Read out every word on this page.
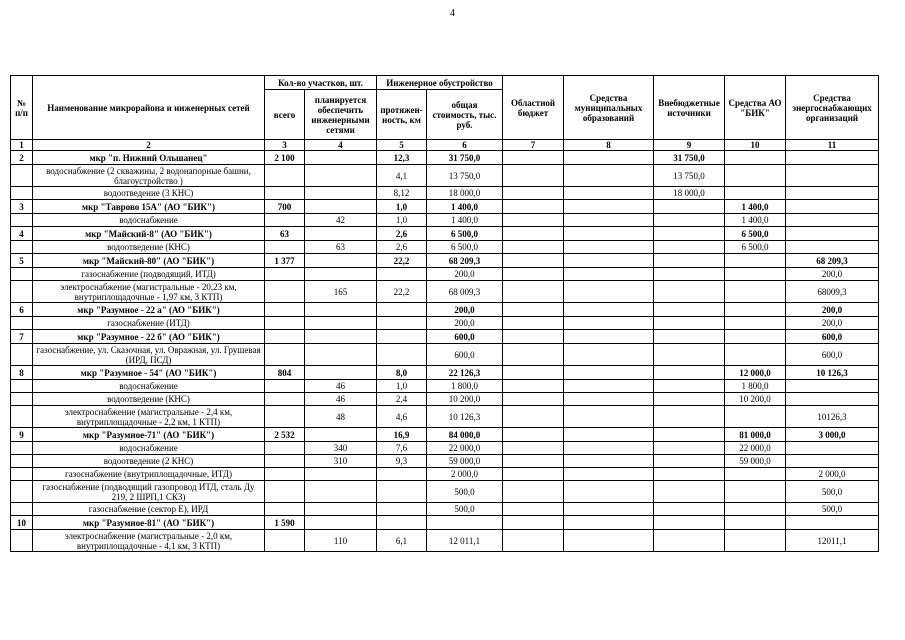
4
№ п/п	Наименование микрорайона и инженерных сетей	Кол-во участков, шт.		Инженерное обустройство		Областной бюджет	Средства муниципальных образований	Внебюджетные источники	Средства АО "БИК"	Средства энергоснабжающих организаций
		всего	планируется обеспечить инженерными сетями	протяжен-ность, км	общая стоимость, тыс. руб.					
1	2	3	4	5	6	7	8	9	10	11
2	мкр "п. Нижний Ольшанец"	2 100		12,3	31 750,0			31 750,0		
	водоснабжение (2 скважины, 2 водонапорные башни, благоустройство )			4,1	13 750,0			13 750,0		
	водоотведение (3 КНС)			8,12	18 000,0			18 000,0		
3	мкр "Таврово 15А" (АО "БИК")	700		1,0	1 400,0				1 400,0	
	водоснабжение		42	1,0	1 400,0				1 400,0	
4	мкр "Майский-8" (АО "БИК")	63		2,6	6 500,0				6 500,0	
	водоотведение (КНС)		63	2,6	6 500,0				6 500,0	
5	мкр "Майский-80" (АО "БИК")	1 377		22,2	68 209,3					68 209,3
	газоснабжение (подводящий, ИТД)				200,0					200,0
	электроснабжение (магистральные - 20,23 км, внутриплощадочные - 1,97 км, 3 КТП)		165	22,2	68 009,3					68009,3
6	мкр "Разумное - 22 а" (АО "БИК")				200,0					200,0
	газоснабжение (ИТД)				200,0					200,0
7	мкр "Разумное - 22 б" (АО "БИК")				600,0					600,0
	газоснабжение, ул. Сказочная, ул. Овражная, ул. Грушевая (ИРД, ПСД)				600,0					600,0
8	мкр "Разумное - 54" (АО "БИК")	804		8,0	22 126,3				12 000,0	10 126,3
	водоснабжение		46	1,0	1 800,0				1 800,0	
	водоотведение (КНС)		46	2,4	10 200,0				10 200,0	
	электроснабжение (магистральные - 2,4 км, внутриплощадочные - 2,2 км, 1 КТП)		48	4,6	10 126,3					10126,3
9	мкр "Разумное-71" (АО "БИК")	2 532		16,9	84 000,0				81 000,0	3 000,0
	водоснабжение		340	7,6	22 000,0				22 000,0	
	водоотведение (2 КНС)		310	9,3	59 000,0				59 000,0	
	газоснабжение (внутриплощадочные, ИТД)				2 000,0					2 000,0
	газоснабжение (подводящий газопровод ИТД, сталь Ду 219, 2 ШРП,1 СКЗ)				500,0					500,0
	газоснабжение (сектор Е), ИРД				500,0					500,0
10	мкр "Разумное-81" (АО "БИК")	1 590								
	электроснабжение (магистральные - 2,0 км, внутриплощадочные - 4,1 км, 3 КТП)		110	6,1	12 011,1					12011,1
